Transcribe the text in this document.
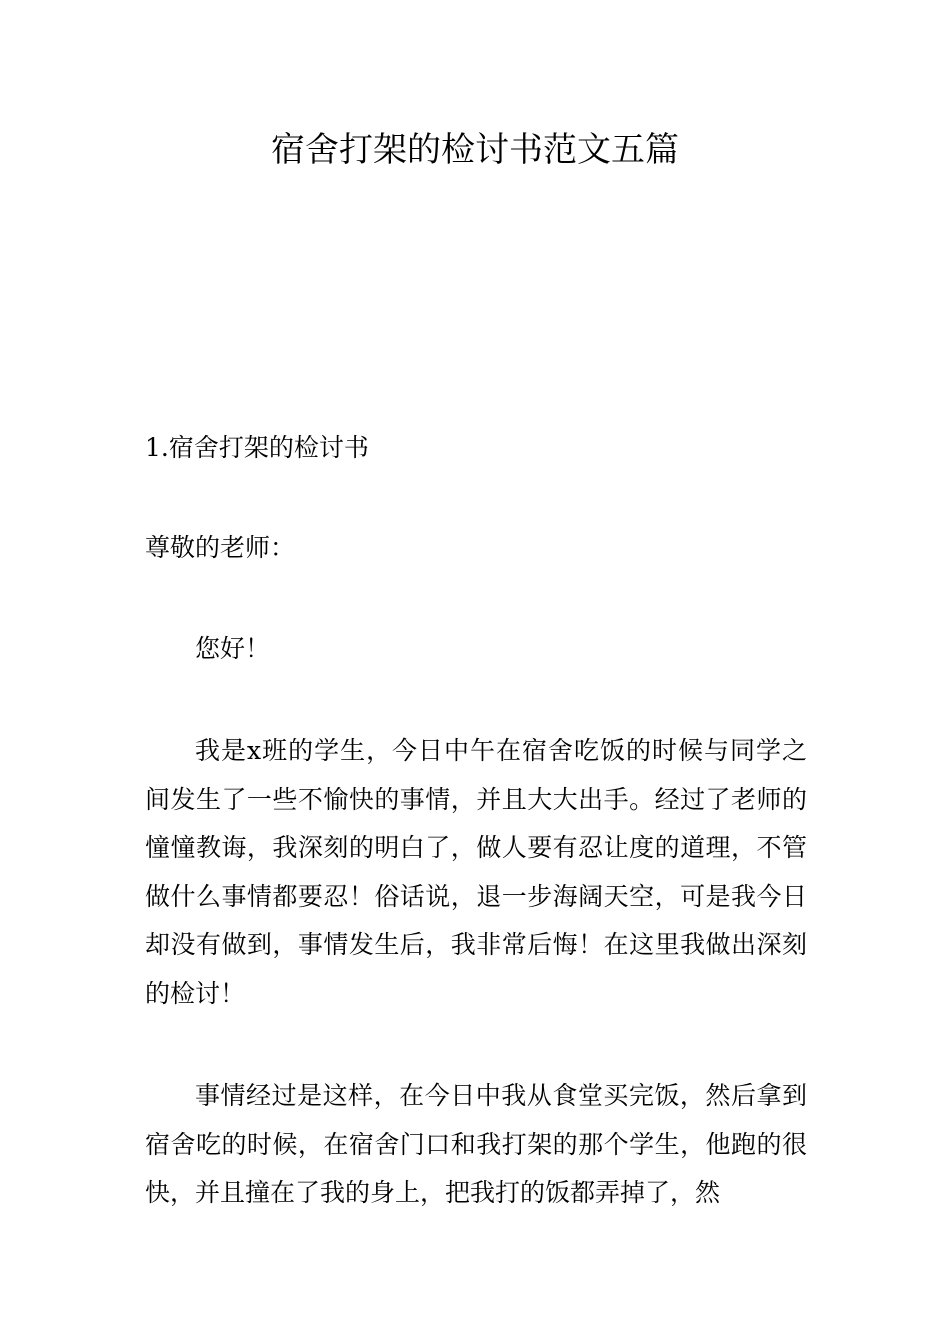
宿舍打架的检讨书范文五篇

1.宿舍打架的检讨书

尊敬的老师：

您好！

我是x班的学生，今日中午在宿舍吃饭的时候与同学之间发生了一些不愉快的事情，并且大大出手。经过了老师的憧憧教诲，我深刻的明白了，做人要有忍让度的道理，不管做什么事情都要忍！俗话说，退一步海阔天空，可是我今日却没有做到，事情发生后，我非常后悔！在这里我做出深刻的检讨！

事情经过是这样，在今日中我从食堂买完饭，然后拿到宿舍吃的时候，在宿舍门口和我打架的那个学生，他跑的很快，并且撞在了我的身上，把我打的饭都弄掉了，然
